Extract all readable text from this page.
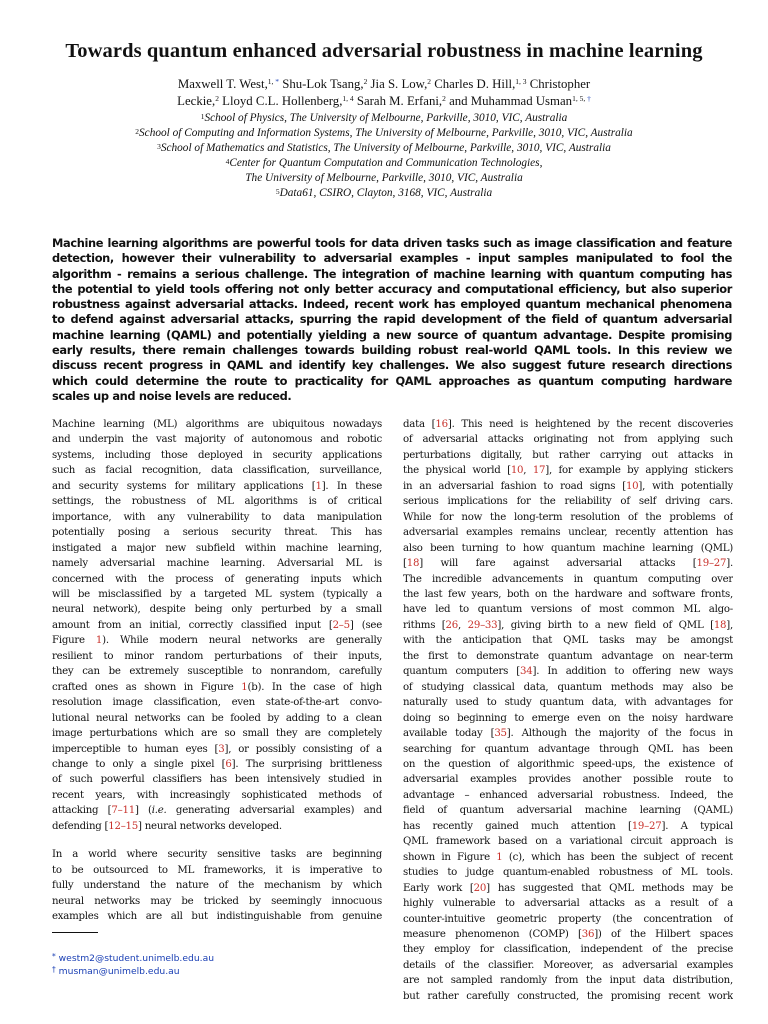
Towards quantum enhanced adversarial robustness in machine learning
Maxwell T. West,$^{1,}$ * Shu-Lok Tsang,$^2$ Jia S. Low,$^2$ Charles D. Hill,$^{1, 3}$ Christopher
Leckie,$^2$ Lloyd C.L. Hollenberg,$^{1, 4}$ Sarah M. Erfani,$^2$ and Muhammad Usman$^{1, 5,}$ †
$^1$School of Physics, The University of Melbourne, Parkville, 3010, VIC, Australia
$^2$School of Computing and Information Systems, The University of Melbourne, Parkville, 3010, VIC, Australia
$^3$School of Mathematics and Statistics, The University of Melbourne, Parkville, 3010, VIC, Australia
$^4$Center for Quantum Computation and Communication Technologies,
The University of Melbourne, Parkville, 3010, VIC, Australia
$^5$Data61, CSIRO, Clayton, 3168, VIC, Australia
Machine learning algorithms are powerful tools for data driven tasks such as image classification and feature
detection, however their vulnerability to adversarial examples - input samples manipulated to fool the
algorithm - remains a serious challenge. The integration of machine learning with quantum computing has
the potential to yield tools offering not only better accuracy and computational efficiency, but also superior
robustness against adversarial attacks. Indeed, recent work has employed quantum mechanical phenomena
to defend against adversarial attacks, spurring the rapid development of the field of quantum adversarial
machine learning (QAML) and potentially yielding a new source of quantum advantage. Despite promising
early results, there remain challenges towards building robust real-world QAML tools. In this review we
discuss recent progress in QAML and identify key challenges. We also suggest future research directions
which could determine the route to practicality for QAML approaches as quantum computing hardware
scales up and noise levels are reduced.
Machine learning (ML) algorithms are ubiquitous nowadays
and underpin the vast majority of autonomous and robotic
systems, including those deployed in security applications
such as facial recognition, data classification, surveillance,
and security systems for military applications [1]. In these
settings, the robustness of ML algorithms is of critical
importance, with any vulnerability to data manipulation
potentially posing a serious security threat. This has
instigated a major new subfield within machine learning,
namely adversarial machine learning. Adversarial ML is
concerned with the process of generating inputs which
will be misclassified by a targeted ML system (typically a
neural network), despite being only perturbed by a small
amount from an initial, correctly classified input [2–5] (see
Figure 1). While modern neural networks are generally
resilient to minor random perturbations of their inputs,
they can be extremely susceptible to nonrandom, carefully
crafted ones as shown in Figure 1(b). In the case of high
resolution image classification, even state-of-the-art convo-
lutional neural networks can be fooled by adding to a clean
image perturbations which are so small they are completely
imperceptible to human eyes [3], or possibly consisting of a
change to only a single pixel [6]. The surprising brittleness
of such powerful classifiers has been intensively studied in
recent years, with increasingly sophisticated methods of
attacking [7–11] (i.e. generating adversarial examples) and
defending [12–15] neural networks developed.
In a world where security sensitive tasks are beginning
to be outsourced to ML frameworks, it is imperative to
fully understand the nature of the mechanism by which
neural networks may be tricked by seemingly innocuous
examples which are all but indistinguishable from genuine
data [16]. This need is heightened by the recent discoveries
of adversarial attacks originating not from applying such
perturbations digitally, but rather carrying out attacks in
the physical world [10, 17], for example by applying stickers
in an adversarial fashion to road signs [10], with potentially
serious implications for the reliability of self driving cars.
While for now the long-term resolution of the problems of
adversarial examples remains unclear, recently attention has
also been turning to how quantum machine learning (QML)
[18] will fare against adversarial attacks [19–27].
The incredible advancements in quantum computing over
the last few years, both on the hardware and software fronts,
have led to quantum versions of most common ML algo-
rithms [26, 29–33], giving birth to a new field of QML [18],
with the anticipation that QML tasks may be amongst
the first to demonstrate quantum advantage on near-term
quantum computers [34]. In addition to offering new ways
of studying classical data, quantum methods may also be
naturally used to study quantum data, with advantages for
doing so beginning to emerge even on the noisy hardware
available today [35]. Although the majority of the focus in
searching for quantum advantage through QML has been
on the question of algorithmic speed-ups, the existence of
adversarial examples provides another possible route to
advantage – enhanced adversarial robustness. Indeed, the
field of quantum adversarial machine learning (QAML)
has recently gained much attention [19–27]. A typical
QML framework based on a variational circuit approach is
shown in Figure 1 (c), which has been the subject of recent
studies to judge quantum-enabled robustness of ML tools.
Early work [20] has suggested that QML methods may be
highly vulnerable to adversarial attacks as a result of a
counter-intuitive geometric property (the concentration of
measure phenomenon (COMP) [36]) of the Hilbert spaces
they employ for classification, independent of the precise
details of the classifier. Moreover, as adversarial examples
are not sampled randomly from the input data distribution,
but rather carefully constructed, the promising recent work
* westm2@student.unimelb.edu.au
† musman@unimelb.edu.au
